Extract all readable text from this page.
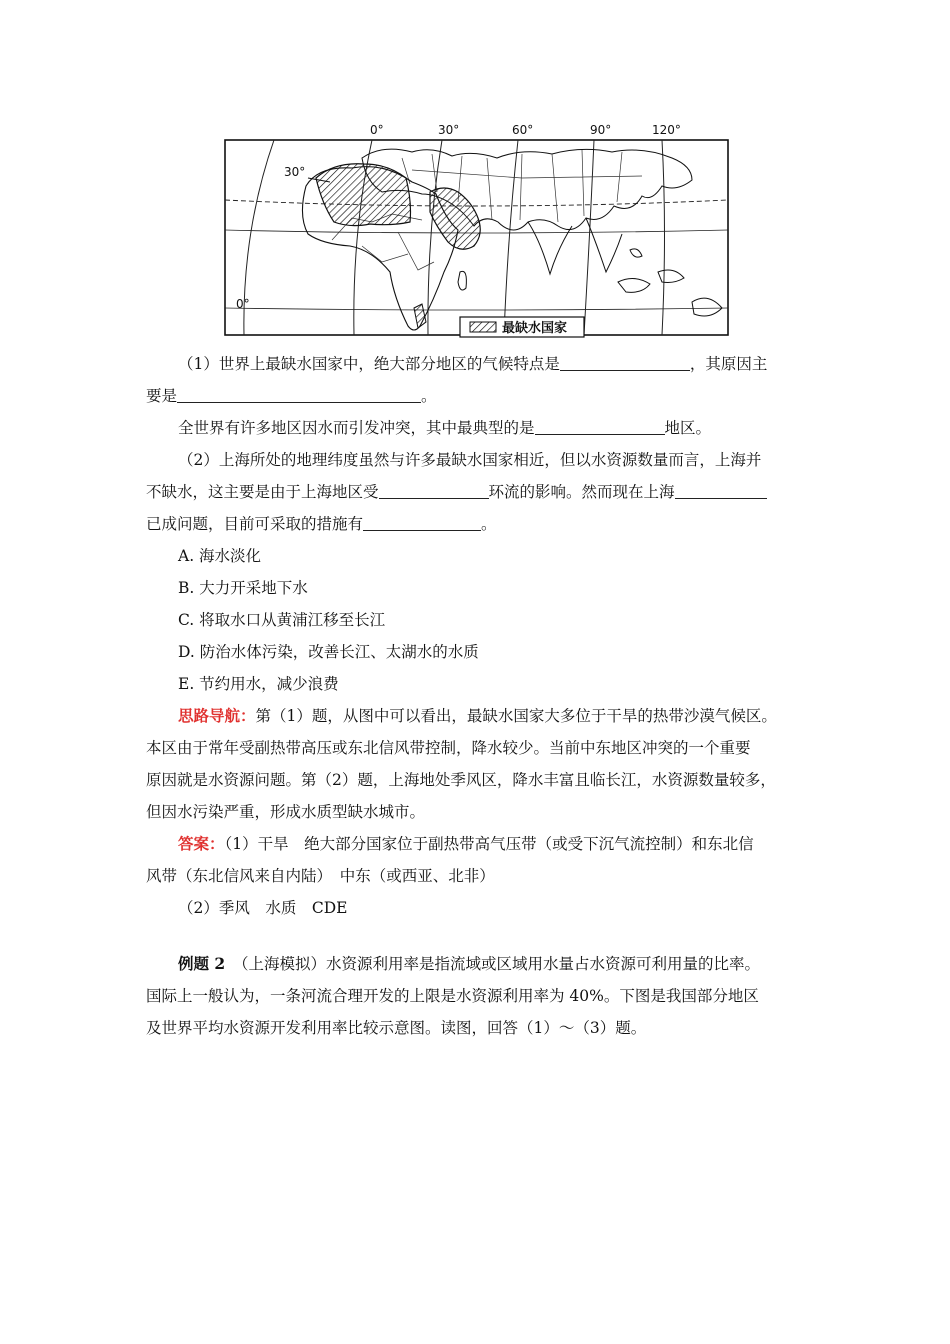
0°	30°	60°	90°	120°
30°
0°
最缺水国家
（1）世界上最缺水国家中，绝大部分地区的气候特点是	，其原因主
要是	。
全世界有许多地区因水而引发冲突，其中最典型的是	地区。
（2）上海所处的地理纬度虽然与许多最缺水国家相近，但以水资源数量而言，上海并
不缺水，这主要是由于上海地区受	环流的影响。然而现在上海
已成问题，目前可采取的措施有	。
A. 海水淡化
B. 大力开采地下水
C. 将取水口从黄浦江移至长江
D. 防治水体污染，改善长江、太湖水的水质
E. 节约用水，减少浪费
思路导航：第（1）题，从图中可以看出，最缺水国家大多位于干旱的热带沙漠气候区。
本区由于常年受副热带高压或东北信风带控制，降水较少。当前中东地区冲突的一个重要
原因就是水资源问题。第（2）题，上海地处季风区，降水丰富且临长江，水资源数量较多，
但因水污染严重，形成水质型缺水城市。
答案：（1）干旱　绝大部分国家位于副热带高气压带（或受下沉气流控制）和东北信
风带（东北信风来自内陆）　中东（或西亚、北非）
（2）季风　水质　CDE
例题 2　（上海模拟）水资源利用率是指流域或区域用水量占水资源可利用量的比率。
国际上一般认为，一条河流合理开发的上限是水资源利用率为 40%。下图是我国部分地区
及世界平均水资源开发利用率比较示意图。读图，回答（1）～（3）题。
